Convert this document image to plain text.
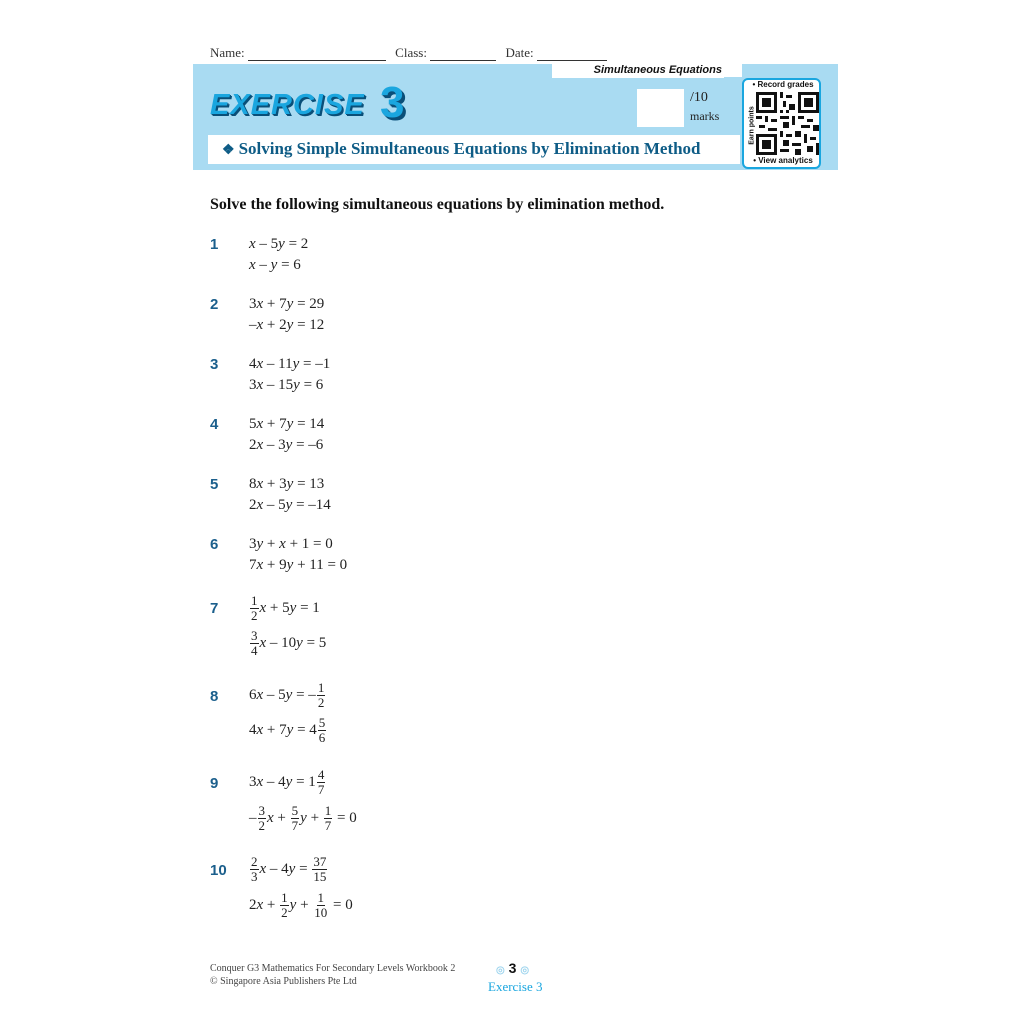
Name:	Class:	Date:
Simultaneous Equations
EXERCISE 3	/10
marks
❖ Solving Simple Simultaneous Equations by Elimination Method
• Record grades
• View analytics
Earn points
Solve the following simultaneous equations by elimination method.
1 x – 5y = 2
x – y = 6
2 3x + 7y = 29
–x + 2y = 12
3 4x – 11y = –1
3x – 15y = 6
4 5x + 7y = 14
2x – 3y = –6
5 8x + 3y = 13
2x – 5y = –14
6 3y + x + 1 = 0
7x + 9y + 11 = 0
$7 \frac{1}{2}$ x + 5y = 1
$\frac{3}{4}$ x – 10y = 5
8 6x – 5y = – $\frac{1}{2}$
$4x + 7y = 4 \frac{5}{6}$
9 $3x - 4y = 1 \frac{4}{7}$
– $\frac{3}{2}$ $x + \frac{5}{7}$ $y + \frac{1}{7} = 0$
$10 \frac{2}{3}$ $x - 4y = \frac{37}{15}$
$2x + \frac{1}{2}$ $y + \frac{1}{10} = 0$
Conquer G3 Mathematics For Secondary Levels Workbook 2
© Singapore Asia Publishers Pte Ltd
◎ 3 ◎
Exercise 3
